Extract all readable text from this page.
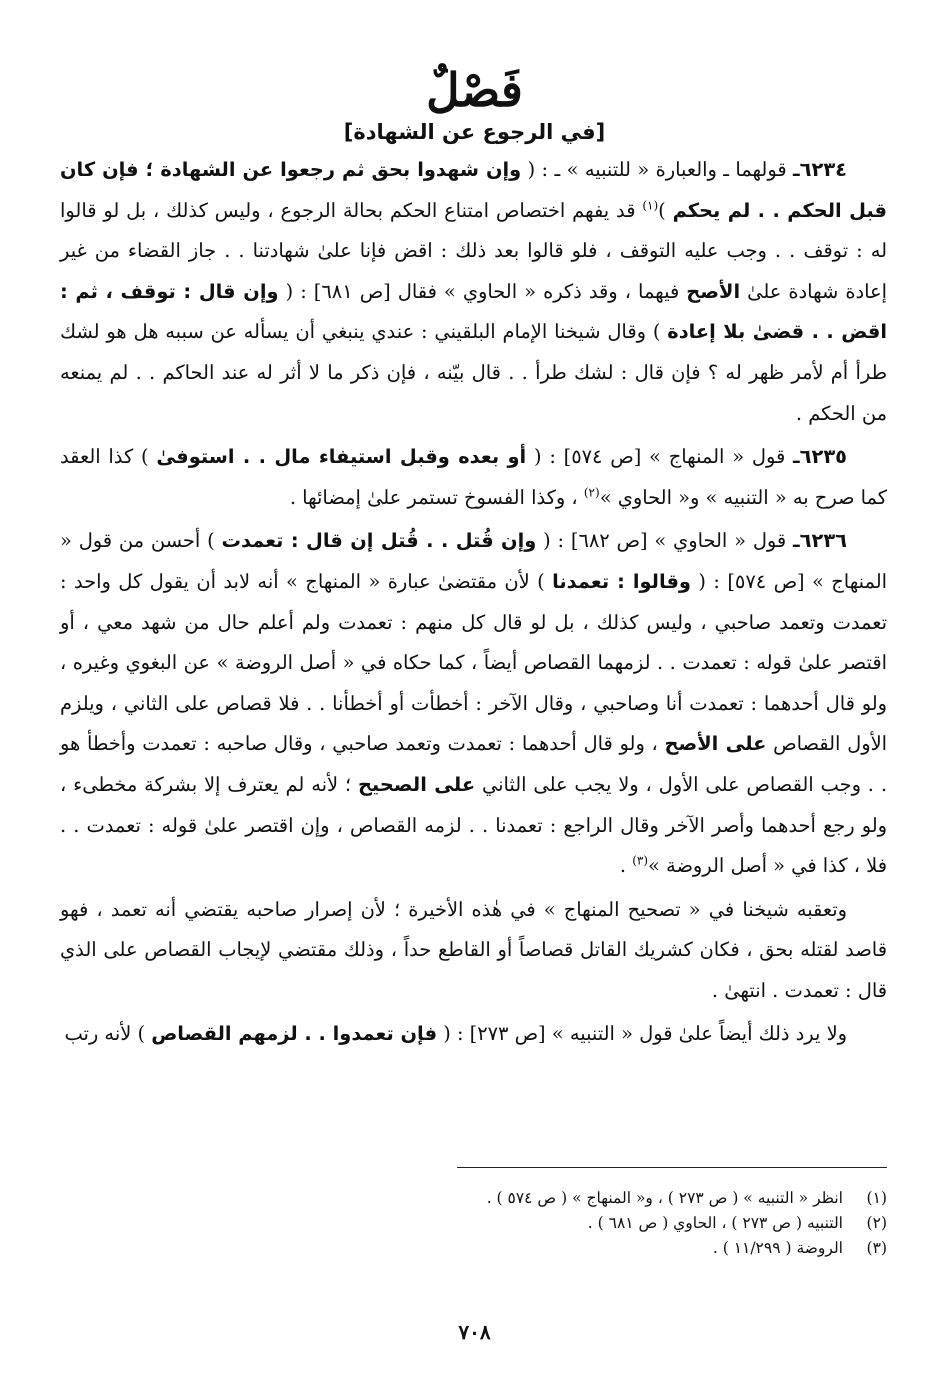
فَصْلٌ
[في الرجوع عن الشهادة]

٦٢٣٤ـ قولهما ـ والعبارة « للتنبيه » ـ : ( وإن شهدوا بحق ثم رجعوا عن الشهادة ؛ فإن كان قبل الحكم . . لم يحكم )$^{(١)}$ قد يفهم اختصاص امتناع الحكم بحالة الرجوع ، وليس كذلك ، بل لو قالوا له : توقف . . وجب عليه التوقف ، فلو قالوا بعد ذلك : اقض فإنا علىٰ شهادتنا . . جاز القضاء من غير إعادة شهادة علىٰ الأصح فيهما ، وقد ذكره « الحاوي » فقال [ص ٦٨١] : ( وإن قال : توقف ، ثم : اقض . . قضىٰ بلا إعادة ) وقال شيخنا الإمام البلقيني : عندي ينبغي أن يسأله عن سببه هل هو لشك طرأ أم لأمر ظهر له ؟ فإن قال : لشك طرأ . . قال بيّنه ، فإن ذكر ما لا أثر له عند الحاكم . . لم يمنعه من الحكم .

٦٢٣٥ـ قول « المنهاج » [ص ٥٧٤] : ( أو بعده وقبل استيفاء مال . . استوفىٰ ) كذا العقد كما صرح به « التنبيه » و« الحاوي »$^{(٢)}$ ، وكذا الفسوخ تستمر علىٰ إمضائها .

٦٢٣٦ـ قول « الحاوي » [ص ٦٨٢] : ( وإن قُتل . . قُتل إن قال : تعمدت ) أحسن من قول « المنهاج » [ص ٥٧٤] : ( وقالوا : تعمدنا ) لأن مقتضىٰ عبارة « المنهاج » أنه لابد أن يقول كل واحد : تعمدت وتعمد صاحبي ، وليس كذلك ، بل لو قال كل منهم : تعمدت ولم أعلم حال من شهد معي ، أو اقتصر علىٰ قوله : تعمدت . . لزمهما القصاص أيضاً ، كما حكاه في « أصل الروضة » عن البغوي وغيره ، ولو قال أحدهما : تعمدت أنا وصاحبي ، وقال الآخر : أخطأت أو أخطأنا . . فلا قصاص على الثاني ، ويلزم الأول القصاص على الأصح ، ولو قال أحدهما : تعمدت وتعمد صاحبي ، وقال صاحبه : تعمدت وأخطأ هو . . وجب القصاص على الأول ، ولا يجب على الثاني على الصحيح ؛ لأنه لم يعترف إلا بشركة مخطىء ، ولو رجع أحدهما وأصر الآخر وقال الراجع : تعمدنا . . لزمه القصاص ، وإن اقتصر علىٰ قوله : تعمدت . . فلا ، كذا في « أصل الروضة »$^{(٣)}$ .

وتعقبه شيخنا في « تصحيح المنهاج » في هٰذه الأخيرة ؛ لأن إصرار صاحبه يقتضي أنه تعمد ، فهو قاصد لقتله بحق ، فكان كشريك القاتل قصاصاً أو القاطع حداً ، وذلك مقتضي لإيجاب القصاص على الذي قال : تعمدت . انتهىٰ .

ولا يرد ذلك أيضاً علىٰ قول « التنبيه » [ص ٢٧٣] : ( فإن تعمدوا . . لزمهم القصاص ) لأنه رتب

(١)
انظر « التنبيه » ( ص ٢٧٣ ) ، و« المنهاج » ( ص ٥٧٤ ) .
(٢)
التنبيه ( ص ٢٧٣ ) ، الحاوي ( ص ٦٨١ ) .
(٣)
الروضة ( ١١/٢٩٩ ) .
٧٠٨
